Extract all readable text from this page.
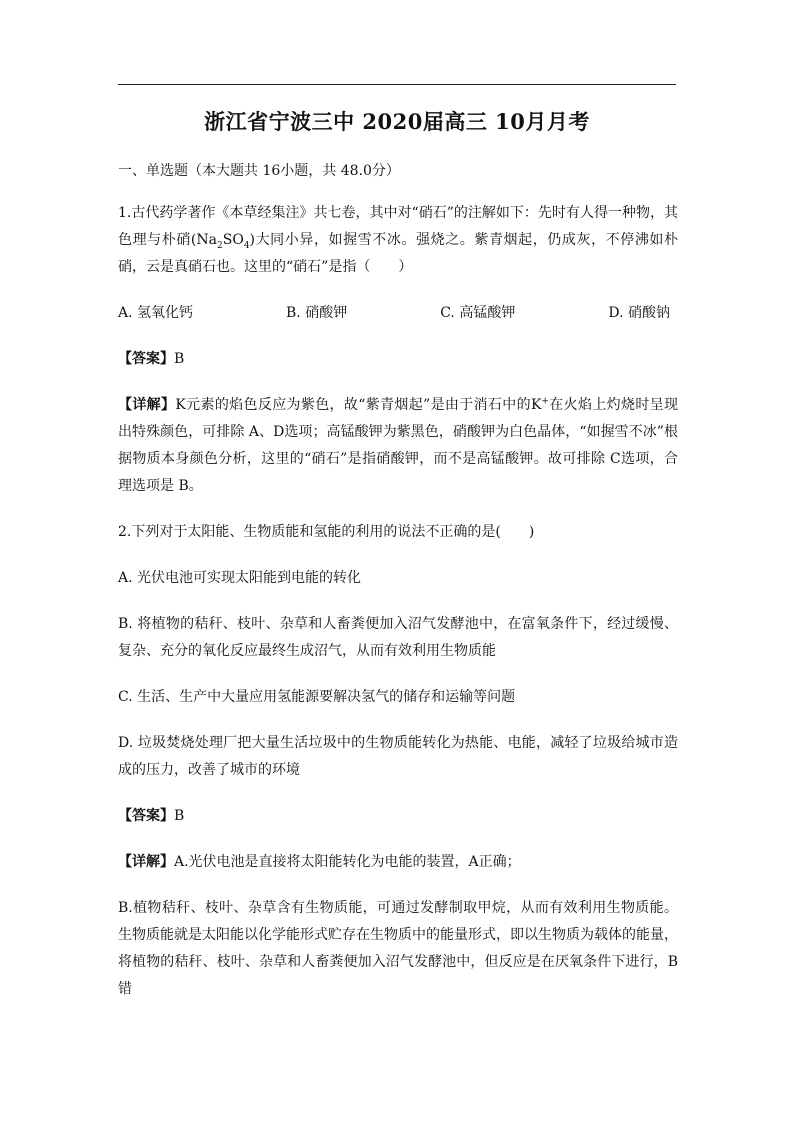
浙江省宁波三中 2020届高三 10月月考
一、单选题（本大题共 16小题，共 48.0分）

1.古代药学著作《本草经集注》共七卷，其中对“硝石”的注解如下：先时有人得一种物，其色理与朴硝$(Na_2SO_4)$大同小异，如握雪不冰。强烧之。紫青烟起，仍成灰，不停沸如朴硝，云是真硝石也。这里的“硝石”是指（　　）

A. 氢氧化钙	B. 硝酸钾	C. 高锰酸钾	D. 硝酸钠

【答案】B

【详解】K元素的焰色反应为紫色，故“紫青烟起”是由于消石中的K+在火焰上灼烧时呈现出特殊颜色，可排除 A、D选项；高锰酸钾为紫黑色，硝酸钾为白色晶体，“如握雪不冰”根据物质本身颜色分析，这里的“硝石”是指硝酸钾，而不是高锰酸钾。故可排除 C选项，合理选项是 B。

2.下列对于太阳能、生物质能和氢能的利用的说法不正确的是(　　)

A. 光伏电池可实现太阳能到电能的转化

B. 将植物的秸秆、枝叶、杂草和人畜粪便加入沼气发酵池中，在富氧条件下，经过缓慢、复杂、充分的氧化反应最终生成沼气，从而有效利用生物质能

C. 生活、生产中大量应用氢能源要解决氢气的储存和运输等问题

D. 垃圾焚烧处理厂把大量生活垃圾中的生物质能转化为热能、电能，减轻了垃圾给城市造成的压力，改善了城市的环境

【答案】B

【详解】A.光伏电池是直接将太阳能转化为电能的装置，A正确；

B.植物秸秆、枝叶、杂草含有生物质能，可通过发酵制取甲烷，从而有效利用生物质能。生物质能就是太阳能以化学能形式贮存在生物质中的能量形式，即以生物质为载体的能量，将植物的秸秆、枝叶、杂草和人畜粪便加入沼气发酵池中，但反应是在厌氧条件下进行，B错
